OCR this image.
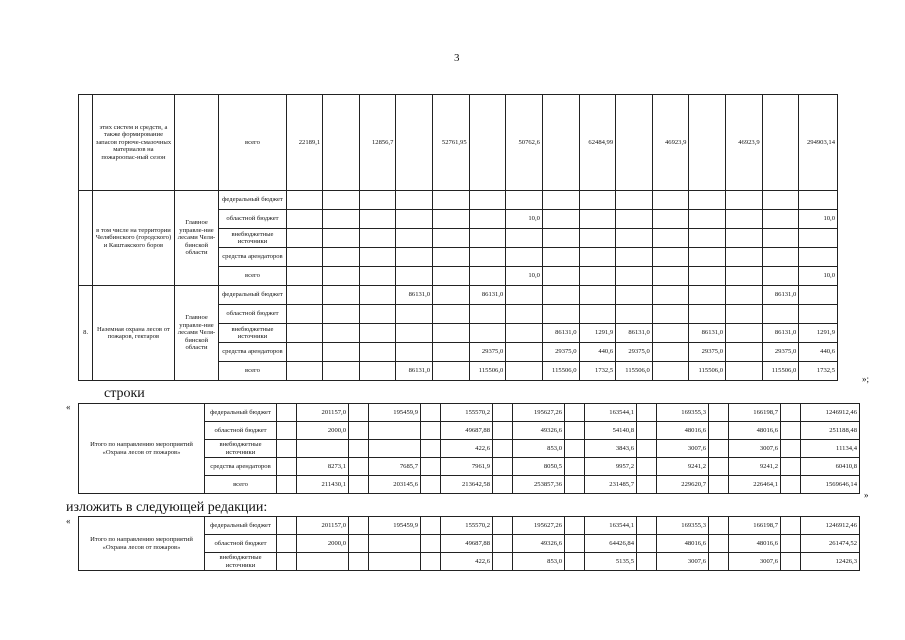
3
	этих систем и средств, а также формирование запасов горюче-смазочных материалов на пожароопас-ный сезон		всего	22189,1		12856,7		52761,95		50762,6		62484,99		46923,9		46923,9		294903,14
	в том числе на территории Челябинского (городского) и Каштакского боров	Главное управле-ние лесами Челя-бинской области	федеральный бюджет															
			областной бюджет							10,0								10,0
			внебюджетные источники															
			средства арендаторов															
			всего							10,0								10,0
8.	Наземная охрана лесов от пожаров, гектаров	Главное управле-ние лесами Челя-бинской области	федеральный бюджет				86131,0		86131,0								86131,0	
			областной бюджет															
			внебюджетные источники								86131,0	1291,9	86131,0		86131,0		86131,0	1291,9
			средства арендаторов						29375,0		29375,0	440,6	29375,0		29375,0		29375,0	440,6
			всего				86131,0		115506,0		115506,0	1732,5	115506,0		115506,0		115506,0	1732,5
строки
«
»
Итого по направлению мероприятий «Охрана лесов от пожаров»	федеральный бюджет		201157,0		195459,9		155570,2		195627,26		163544,1		169355,3		166198,7		1246912,46
	областной бюджет		2000,0				49687,88		49326,6		54140,8		48016,6		48016,6		251188,48
	внебюджетные источники						422,6		853,0		3843,6		3007,6		3007,6		11134,4
	средства арендаторов		8273,1		7685,7		7961,9		8050,5		9957,2		9241,2		9241,2		60410,8
	всего		211430,1		203145,6		213642,58		253857,36		231485,7		229620,7		226464,1		1569646,14
изложить в следующей редакции:
«
Итого по направлению мероприятий «Охрана лесов от пожаров»	федеральный бюджет		201157,0		195459,9		155570,2		195627,26		163544,1		169355,3		166198,7		1246912,46
	областной бюджет		2000,0				49687,88		49326,6		64426,84		48016,6		48016,6		261474,52
	внебюджетные источники						422,6		853,0		5135,5		3007,6		3007,6		12426,3
»;
